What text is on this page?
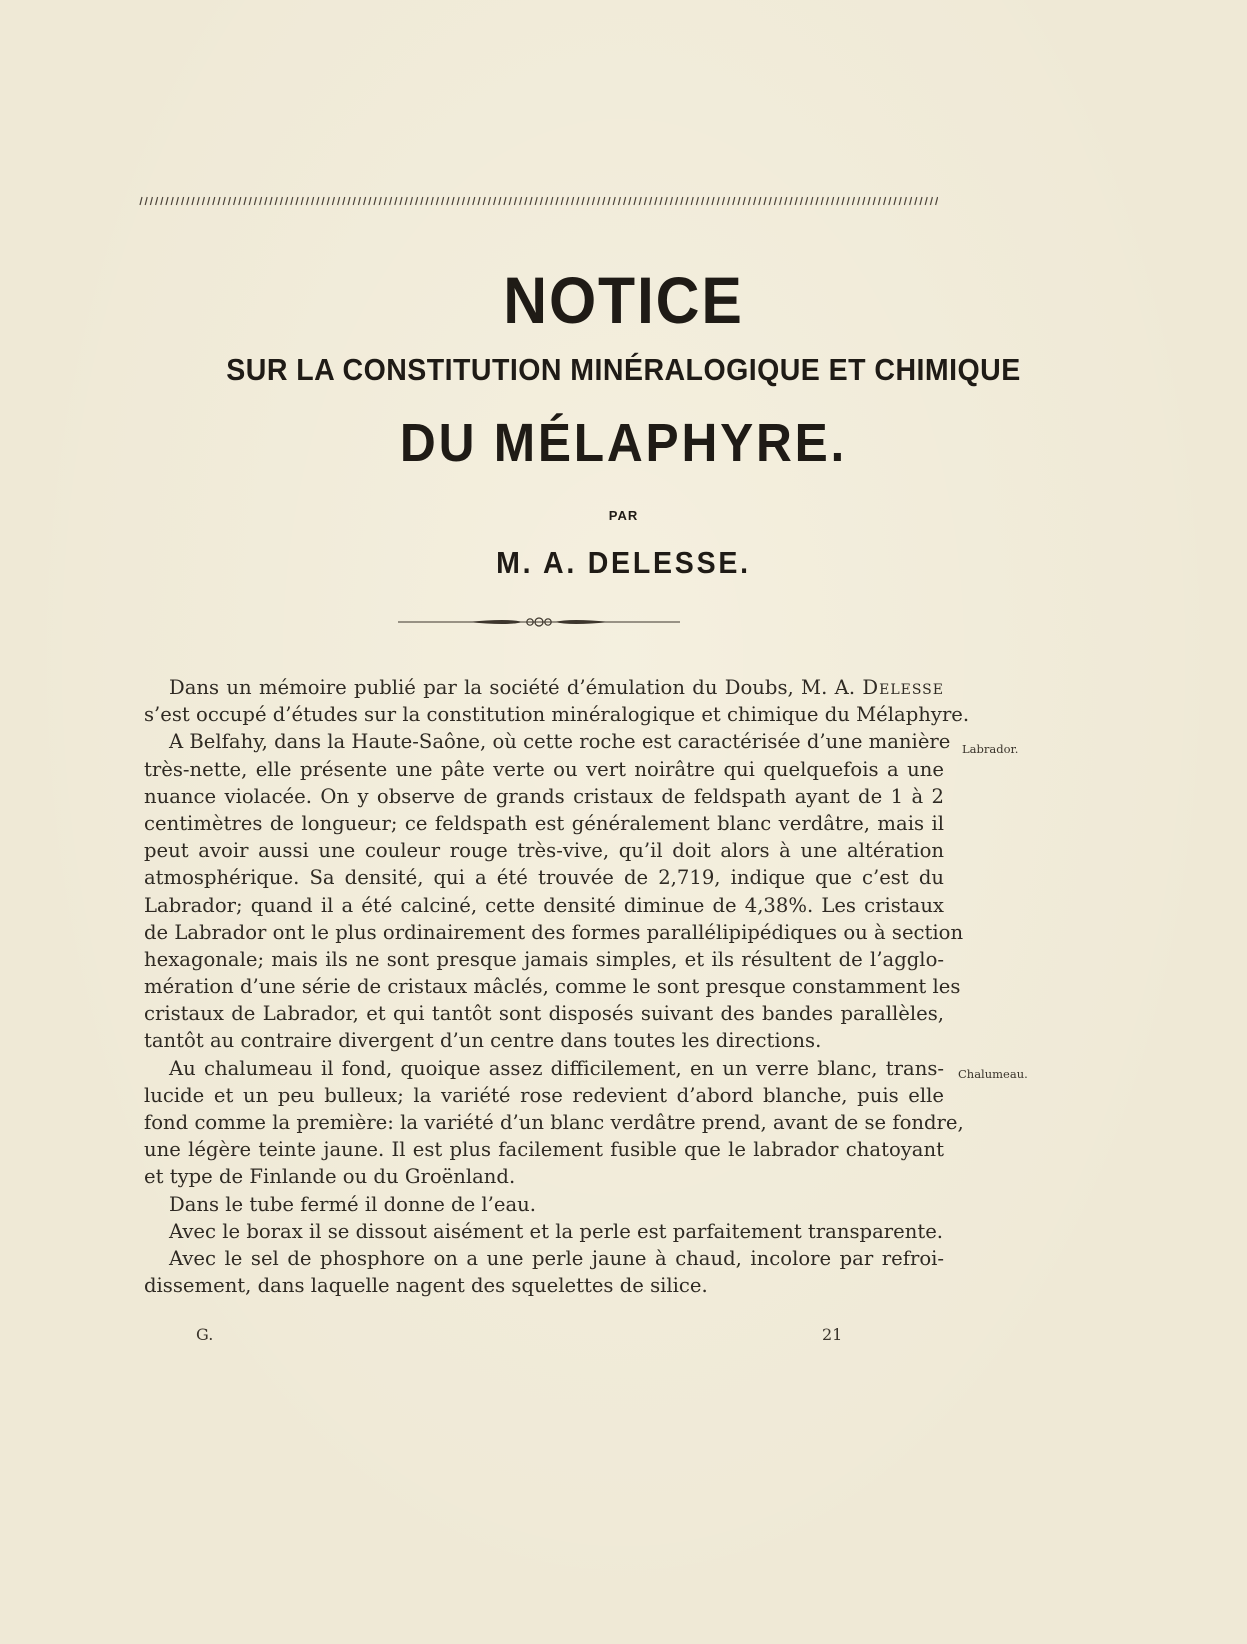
NOTICE
SUR LA CONSTITUTION MINÉRALOGIQUE ET CHIMIQUE
DU MÉLAPHYRE.
PAR
M. A. DELESSE.
Dans un mémoire publié par la société d’émulation du Doubs, M. A. Delesse
s’est occupé d’études sur la constitution minéralogique et chimique du Mélaphyre.
A Belfahy, dans la Haute-Saône, où cette roche est caractérisée d’une manière
très-nette, elle présente une pâte verte ou vert noirâtre qui quelquefois a une
nuance violacée. On y observe de grands cristaux de feldspath ayant de 1 à 2
centimètres de longueur; ce feldspath est généralement blanc verdâtre, mais il
peut avoir aussi une couleur rouge très-vive, qu’il doit alors à une altération
atmosphérique. Sa densité, qui a été trouvée de 2,719, indique que c’est du
Labrador; quand il a été calciné, cette densité diminue de 4,38%. Les cristaux
de Labrador ont le plus ordinairement des formes parallélipipédiques ou à section
hexagonale; mais ils ne sont presque jamais simples, et ils résultent de l’agglo-
mération d’une série de cristaux mâclés, comme le sont presque constamment les
cristaux de Labrador, et qui tantôt sont disposés suivant des bandes parallèles,
tantôt au contraire divergent d’un centre dans toutes les directions.
Au chalumeau il fond, quoique assez difficilement, en un verre blanc, trans-
lucide et un peu bulleux; la variété rose redevient d’abord blanche, puis elle
fond comme la première: la variété d’un blanc verdâtre prend, avant de se fondre,
une légère teinte jaune. Il est plus facilement fusible que le labrador chatoyant
et type de Finlande ou du Groënland.
Dans le tube fermé il donne de l’eau.
Avec le borax il se dissout aisément et la perle est parfaitement transparente.
Avec le sel de phosphore on a une perle jaune à chaud, incolore par refroi-
dissement, dans laquelle nagent des squelettes de silice.
Labrador.
Chalumeau.
G.	21
